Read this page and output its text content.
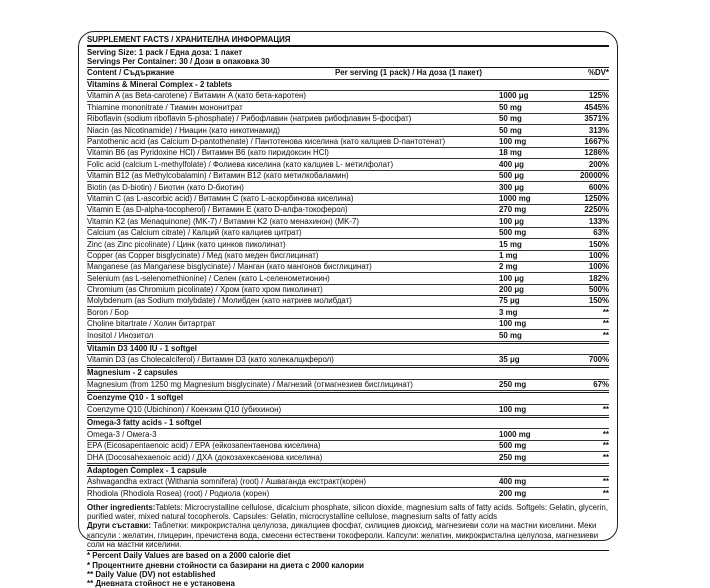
SUPPLEMENT FACTS / ХРАНИТЕЛНА ИНФОРМАЦИЯ
Serving Size: 1 pack / Една доза: 1 пакет
Servings Per Container: 30 / Дози в опаковка 30
Content / Съдържание	Per serving (1 pack) / На доза (1 пакет)	%DV*
Vitamins & Mineral Complex - 2 tablets
Vitamin A (as Beta-carotene) / Витамин A (като бета-каротен)	1000 μg	125%
Thiamine mononitrate / Тиамин мононитрат	50 mg	4545%
Riboflavin (sodium riboflavin 5-phosphate) / Рибофлавин (натриев рибофлавин 5-фосфат)	50 mg	3571%
Niacin (as Nicotinamide) / Ниацин (като никотинамид)	50 mg	313%
Pantothenic acid (as Calcium D-pantothenate) / Пантотенова киселина (като калциев D-пантотенат)	100 mg	1667%
Vitamin B6 (as Pyridoxine HCl) / Витамин B6 (като пиридоксин HCl)	18 mg	1286%
Folic acid (calcium L-methylfolate) / Фолиева киселина (като калциев L- метилфолат)	400 μg	200%
Vitamin B12 (as Methylcobalamin) / Витамин B12 (като метилкобаламин)	500 μg	20000%
Biotin (as D-biotin) / Биотин (като D-биотин)	300 μg	600%
Vitamin C (as L-ascorbic acid) / Витамин C (като L-аскорбинова киселина)	1000 mg	1250%
Vitamin E (as D-alpha-tocopherol) / Витамин E (като D-алфа-токоферол)	270 mg	2250%
Vitamin K2 (as Menaquinone) (MK-7) / Витамин K2 (като менахинон) (MK-7)	100 μg	133%
Calcium (as Calcium citrate) / Калций (като калциев цитрат)	500 mg	63%
Zinc (as Zinc picolinate) / Цинк (като цинков пиколинат)	15 mg	150%
Copper (as Copper bisglycinate) / Мед (като меден бисглицинат)	1 mg	100%
Manganese (as Manganese bisglycinate) / Манган (като мангонов бисглицинат)	2 mg	100%
Selenium (as L-selenomethionine) / Селен (като L-селенометионин)	100 μg	182%
Chromium (as Chromium picolinate) / Хром (като хром пиколинат)	200 μg	500%
Molybdenum (as Sodium molybdate) / Молибден (като натриев молибдат)	75 μg	150%
Boron / Бор	3 mg	**
Choline bitartrate / Холин битартрат	100 mg	**
Inositol / Инозитол	50 mg	**
Vitamin D3 1400 IU - 1 softgel
Vitamin D3 (as Cholecalciferol) / Витамин D3 (като холекалциферол)	35 μg	700%
Magnesium - 2 capsules
Magnesium (from 1250 mg Magnesium bisglycinate) / Магнезий (отмагнезиев бисглицинат)	250 mg	67%
Coenzyme Q10 - 1 softgel
Coenzyme Q10 (Ubichinon) / Коензим Q10 (убихинон)	100 mg	**
Omega-3 fatty acids - 1 softgel
Omega-3 / Омега-3	1000 mg	**
EPA (Eicosapentaenoic acid) / ЕРА (ейкозапентаенова киселина)	500 mg	**
DHA (Docosahexaenoic acid) / ДХА (докозахексаенова киселина)	250 mg	**
Adaptogen Complex - 1 capsule
Ashwagandha extract (Withania somnifera) (root) / Ашваганда екстракт(корен)	400 mg	**
Rhodiola (Rhodiola Rosea) (root) / Родиола (корен)	200 mg	**
Other ingredients:Tablets: Microcrystalline cellulose, dicalcium phosphate, silicon dioxide, magnesium salts of fatty acids. Softgels: Gelatin, glycerin, purified water, mixed natural tocopherols. Capsules: Gelatin, microcrystalline cellulose, magnesium salts of fatty acids
Други съставки: Таблетки: микрокристална целулоза, дикалциев фосфат, силициев диоксид, магнезиеви соли на мастни киселини. Меки капсули : желатин, глицерин, пречистена вода, смесени естествени токофероли. Капсули: желатин, микрокристална целулоза, магнезиеви соли на мастни киселини.
* Percent Daily Values are based on a 2000 calorie diet
* Процентните дневни стойности са базирани на диета с 2000 калории
** Daily Value (DV) not established
** Дневната стойност не е установена
